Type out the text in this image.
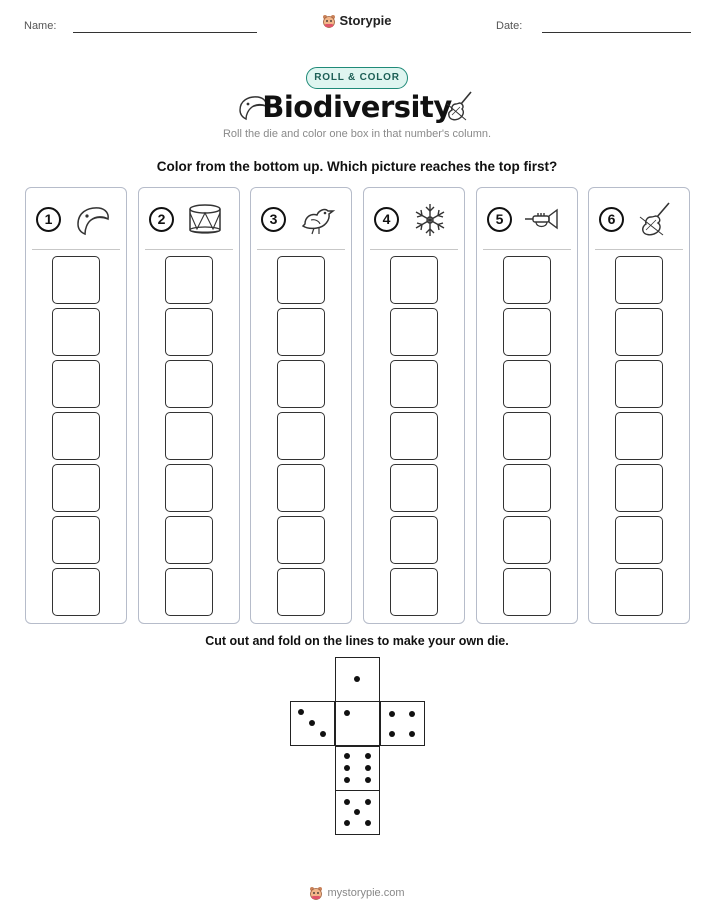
Name:	Storypie	Date:
ROLL & COLOR
Biodiversity
Roll the die and color one box in that number's column.
Color from the bottom up. Which picture reaches the top first?
1	2	3	4	5	6
Cut out and fold on the lines to make your own die.
mystorypie.com
